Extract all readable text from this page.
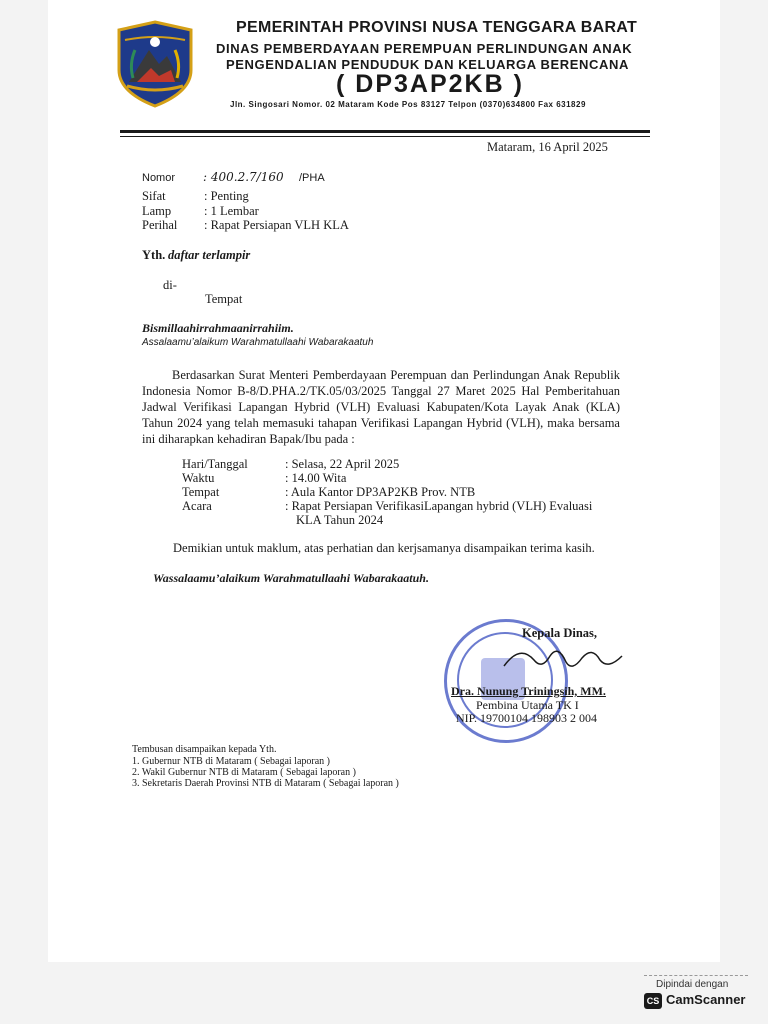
PEMERINTAH PROVINSI NUSA TENGGARA BARAT
DINAS PEMBERDAYAAN PEREMPUAN PERLINDUNGAN ANAK
PENGENDALIAN PENDUDUK DAN KELUARGA BERENCANA
( DP3AP2KB )
Jln. Singosari Nomor. 02 Mataram Kode Pos 83127 Telpon (0370)634800 Fax 631829
Mataram, 16 April 2025
Nomor : 400.2.7/160 /PHA
Sifat	: Penting
Lamp	: 1 Lembar
Perihal : Rapat Persiapan VLH KLA
Yth. daftar terlampir
di-
Tempat
Bismillaahirrahmaanirrahiim.
Assalaamu’alaikum Warahmatullaahi Wabarakaatuh
Berdasarkan Surat Menteri Pemberdayaan Perempuan dan Perlindungan Anak Republik Indonesia Nomor B-8/D.PHA.2/TK.05/03/2025 Tanggal 27 Maret 2025 Hal Pemberitahuan Jadwal Verifikasi Lapangan Hybrid (VLH) Evaluasi Kabupaten/Kota Layak Anak (KLA) Tahun 2024 yang telah memasuki tahapan Verifikasi Lapangan Hybrid (VLH), maka bersama ini diharapkan kehadiran Bapak/Ibu pada :
Hari/Tanggal	: Selasa, 22 April 2025
Waktu	: 14.00 Wita
Tempat	: Aula Kantor DP3AP2KB Prov. NTB
Acara	: Rapat Persiapan VerifikasiLapangan hybrid (VLH) Evaluasi
KLA Tahun 2024
Demikian untuk maklum, atas perhatian dan kerjsamanya disampaikan terima kasih.
Wassalaamu’alaikum Warahmatullaahi Wabarakaatuh.
Kepala Dinas,
Dra. Nunung Triningsih, MM.
Pembina Utama TK I
NIP. 19700104 198903 2 004
Tembusan disampaikan kepada Yth.
1. Gubernur NTB di Mataram ( Sebagai laporan )
2. Wakil Gubernur NTB di Mataram ( Sebagai laporan )
3. Sekretaris Daerah Provinsi NTB di Mataram ( Sebagai laporan )
Dipindai dengan
CS CamScanner
